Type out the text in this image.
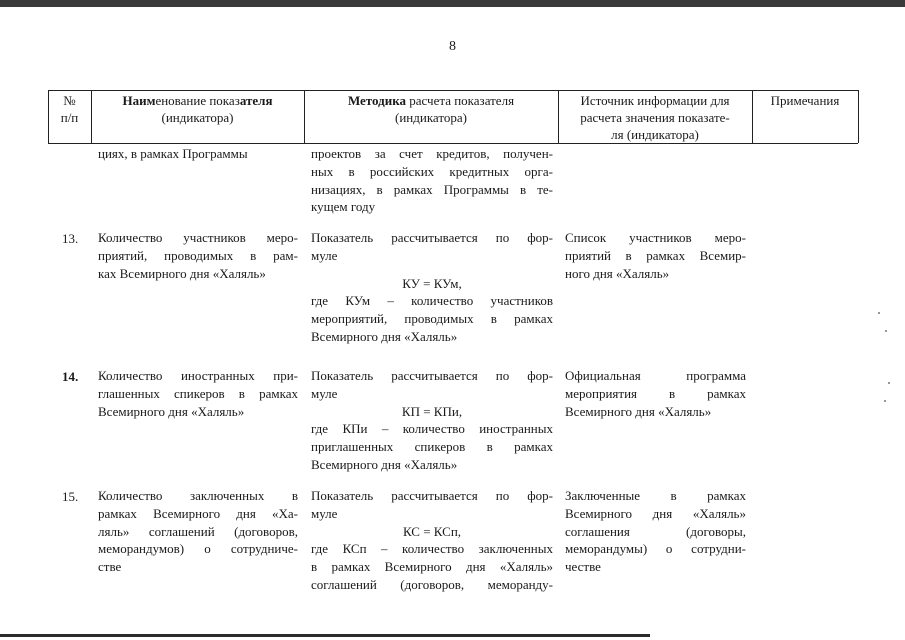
8
№
п/п
Наименование показателя
(индикатора)
Методика расчета показателя
(индикатора)
Источник информации для
расчета значения показате-
ля (индикатора)
Примечания
циях, в рамках Программы	проектов за счет кредитов, получен-
ных в российских кредитных орга-
низациях, в рамках Программы в те-
кущем году
13. Количество участников меро-
приятий, проводимых в рам-
ках Всемирного дня «Халяль»
Показатель рассчитывается по фор-
муле
КУ = КУм,
где КУм – количество участников
мероприятий, проводимых в рамках
Всемирного дня «Халяль»
Список участников меро-
приятий в рамках Всемир-
ного дня «Халяль»
14. Количество иностранных при-
глашенных спикеров в рамках
Всемирного дня «Халяль»
Показатель рассчитывается по фор-
муле
КП = КПи,
где КПи – количество иностранных
приглашенных спикеров в рамках
Всемирного дня «Халяль»
Официальная программа
мероприятия в рамках
Всемирного дня «Халяль»
15. Количество заключенных в
рамках Всемирного дня «Ха-
ляль» соглашений (договоров,
меморандумов) о сотрудниче-
стве
Показатель рассчитывается по фор-
муле
КС = КСп,
где КСп – количество заключенных
в рамках Всемирного дня «Халяль»
соглашений (договоров, меморанду-
Заключенные в рамках
Всемирного дня «Халяль»
соглашения (договоры,
меморандумы) о сотрудни-
честве
